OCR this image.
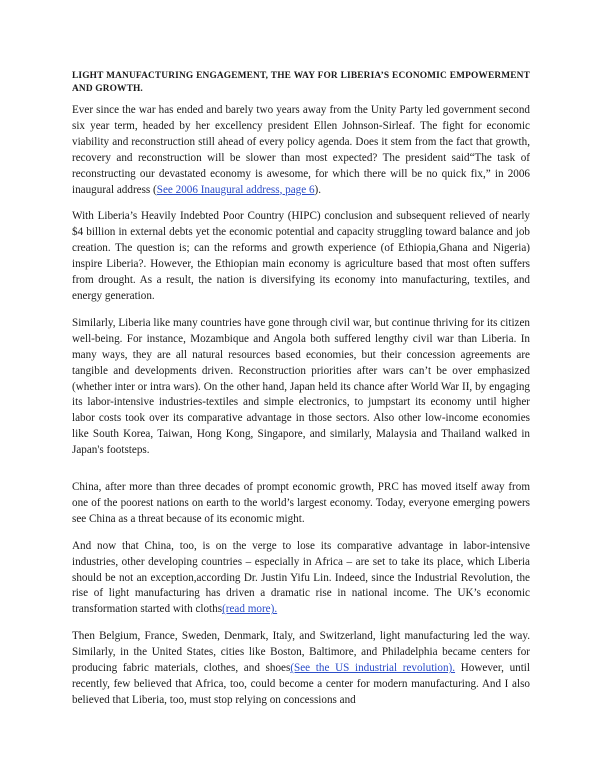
LIGHT MANUFACTURING ENGAGEMENT, THE WAY FOR LIBERIA’S ECONOMIC EMPOWERMENT AND GROWTH.

Ever since the war has ended and barely two years away from the Unity Party led government second six year term, headed by her excellency president Ellen Johnson-Sirleaf. The fight for economic viability and reconstruction still ahead of every policy agenda. Does it stem from the fact that growth, recovery and reconstruction will be slower than most expected? The president said“The task of reconstructing our devastated economy is awesome, for which there will be no quick fix,” in 2006 inaugural address (See 2006 Inaugural address, page 6).

With Liberia’s Heavily Indebted Poor Country (HIPC) conclusion and subsequent relieved of nearly $4 billion in external debts yet the economic potential and capacity struggling toward balance and job creation. The question is; can the reforms and growth experience (of Ethiopia,Ghana and Nigeria) inspire Liberia?. However, the Ethiopian main economy is agriculture based that most often suffers from drought. As a result, the nation is diversifying its economy into manufacturing, textiles, and energy generation.

Similarly, Liberia like many countries have gone through civil war, but continue thriving for its citizen well-being. For instance, Mozambique and Angola both suffered lengthy civil war than Liberia. In many ways, they are all natural resources based economies, but their concession agreements are tangible and developments driven. Reconstruction priorities after wars can’t be over emphasized (whether inter or intra wars). On the other hand, Japan held its chance after World War II, by engaging its labor-intensive industries-textiles and simple electronics, to jumpstart its economy until higher labor costs took over its comparative advantage in those sectors. Also other low-income economies like South Korea, Taiwan, Hong Kong, Singapore, and similarly, Malaysia and Thailand walked in Japan's footsteps.

China, after more than three decades of prompt economic growth, PRC has moved itself away from one of the poorest nations on earth to the world’s largest economy. Today, everyone emerging powers see China as a threat because of its economic might.

And now that China, too, is on the verge to lose its comparative advantage in labor-intensive industries, other developing countries – especially in Africa – are set to take its place, which Liberia should be not an exception,according Dr. Justin Yifu Lin. Indeed, since the Industrial Revolution, the rise of light manufacturing has driven a dramatic rise in national income. The UK’s economic transformation started with cloths(read more).

Then Belgium, France, Sweden, Denmark, Italy, and Switzerland, light manufacturing led the way. Similarly, in the United States, cities like Boston, Baltimore, and Philadelphia became centers for producing fabric materials, clothes, and shoes(See the US industrial revolution). However, until recently, few believed that Africa, too, could become a center for modern manufacturing. And I also believed that Liberia, too, must stop relying on concessions and
